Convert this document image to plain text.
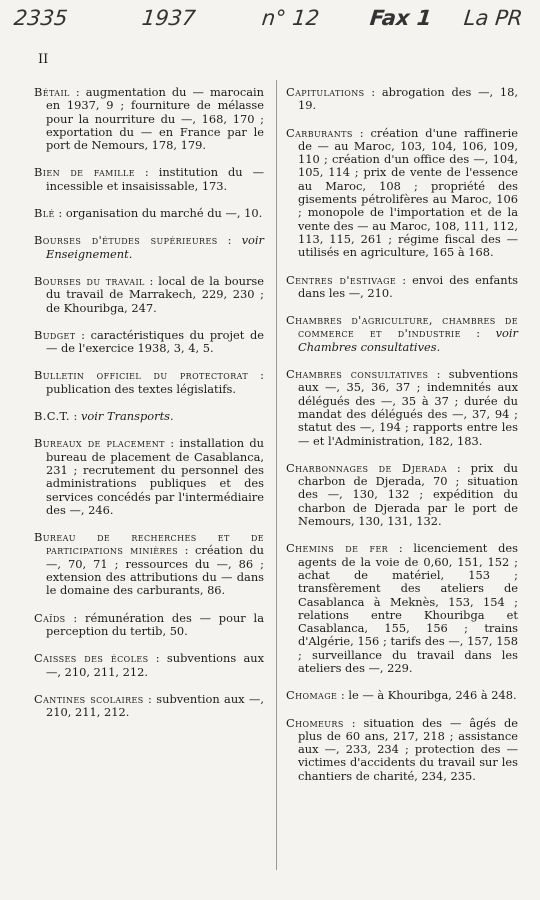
2335	1937	n° 12 Fax 1 La PR
II

Bétail : augmentation du — marocain en 1937, 9 ; fourniture de mélasse pour la nourriture du —, 168, 170 ; exportation du — en France par le port de Nemours, 178, 179.

Bien de famille : institution du — incessible et insaisissable, 173.

Blé : organisation du marché du —, 10.

Bourses d'études supérieures : voir Enseignement.

Bourses du travail : local de la bourse du travail de Marrakech, 229, 230 ; de Khouribga, 247.

Budget : caractéristiques du projet de — de l'exercice 1938, 3, 4, 5.

Bulletin officiel du protectorat : publication des textes législatifs.

B.C.T. : voir Transports.

Bureaux de placement : installation du bureau de placement de Casablanca, 231 ; recrutement du personnel des administrations publiques et des services concédés par l'intermédiaire des —, 246.

Bureau de recherches et de participations minières : création du —, 70, 71 ; ressources du —, 86 ; extension des attributions du — dans le domaine des carburants, 86.

Caïds : rémunération des — pour la perception du tertib, 50.

Caisses des écoles : subventions aux —, 210, 211, 212.

Cantines scolaires : subvention aux —, 210, 211, 212.

Capitulations : abrogation des —, 18, 19.

Carburants : création d'une raffinerie de — au Maroc, 103, 104, 106, 109, 110 ; création d'un office des —, 104, 105, 114 ; prix de vente de l'essence au Maroc, 108 ; propriété des gisements pétrolifères au Maroc, 106 ; monopole de l'importation et de la vente des — au Maroc, 108, 111, 112, 113, 115, 261 ; régime fiscal des — utilisés en agriculture, 165 à 168.

Centres d'estivage : envoi des enfants dans les —, 210.

Chambres d'agriculture, chambres de commerce et d'industrie : voir Chambres consultatives.

Chambres consultatives : subventions aux —, 35, 36, 37 ; indemnités aux délégués des —, 35 à 37 ; durée du mandat des délégués des —, 37, 94 ; statut des —, 194 ; rapports entre les — et l'Administration, 182, 183.

Charbonnages de Djerada : prix du charbon de Djerada, 70 ; situation des —, 130, 132 ; expédition du charbon de Djerada par le port de Nemours, 130, 131, 132.

Chemins de fer : licenciement des agents de la voie de 0,60, 151, 152 ; achat de matériel, 153 ; transfèrement des ateliers de Casablanca à Meknès, 153, 154 ; relations entre Khouribga et Casablanca, 155, 156 ; trains d'Algérie, 156 ; tarifs des —, 157, 158 ; surveillance du travail dans les ateliers des —, 229.

Chomage : le — à Khouribga, 246 à 248.

Chomeurs : situation des — âgés de plus de 60 ans, 217, 218 ; assistance aux —, 233, 234 ; protection des — victimes d'accidents du travail sur les chantiers de charité, 234, 235.
